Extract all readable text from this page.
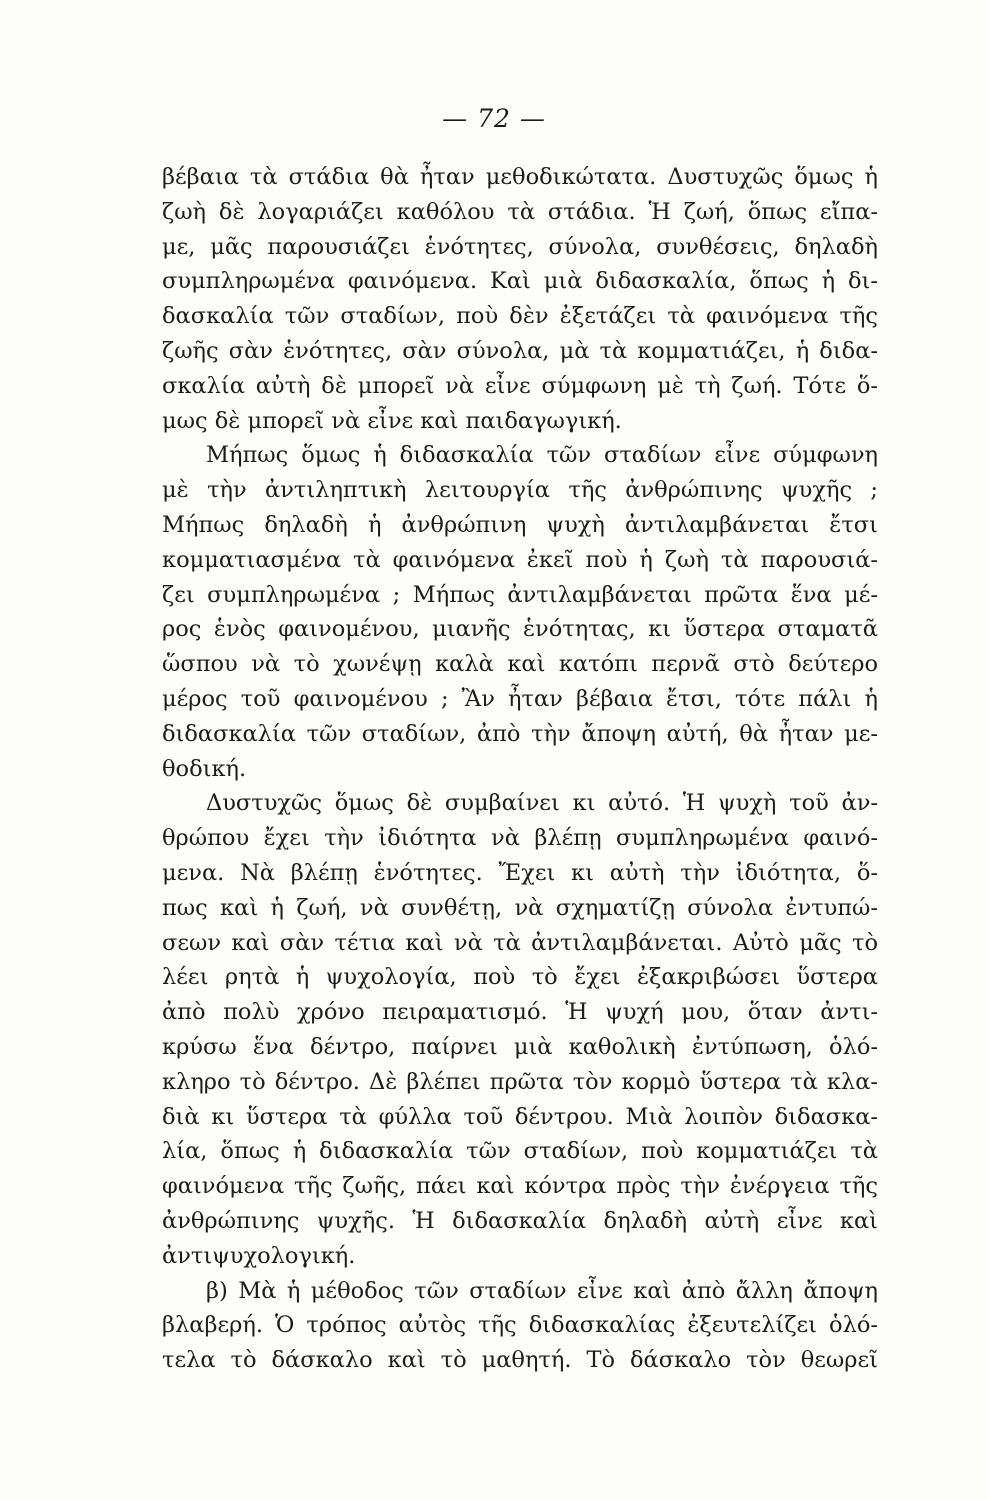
— 72 —
βέβαια τὰ στάδια θὰ ἦταν μεθοδικώτατα. Δυστυχῶς ὅμως ἡ
ζωὴ δὲ λογαριάζει καθόλου τὰ στάδια. Ἡ ζωή, ὅπως εἴπα-
με, μᾶς παρουσιάζει ἑνότητες, σύνολα, συνθέσεις, δηλαδὴ
συμπληρωμένα φαινόμενα. Καὶ μιὰ διδασκαλία, ὅπως ἡ δι-
δασκαλία τῶν σταδίων, ποὺ δὲν ἐξετάζει τὰ φαινόμενα τῆς
ζωῆς σὰν ἑνότητες, σὰν σύνολα, μὰ τὰ κομματιάζει, ἡ διδα-
σκαλία αὐτὴ δὲ μπορεῖ νὰ εἶνε σύμφωνη μὲ τὴ ζωή. Τότε ὅ-
μως δὲ μπορεῖ νὰ εἶνε καὶ παιδαγωγική.
Μήπως ὅμως ἡ διδασκαλία τῶν σταδίων εἶνε σύμφωνη
μὲ τὴν ἀντιληπτικὴ λειτουργία τῆς ἀνθρώπινης ψυχῆς ;
Μήπως δηλαδὴ ἡ ἀνθρώπινη ψυχὴ ἀντιλαμβάνεται ἔτσι
κομματιασμένα τὰ φαινόμενα ἐκεῖ ποὺ ἡ ζωὴ τὰ παρουσιά-
ζει συμπληρωμένα ; Μήπως ἀντιλαμβάνεται πρῶτα ἕνα μέ-
ρος ἑνὸς φαινομένου, μιανῆς ἑνότητας, κι ὕστερα σταματᾶ
ὥσπου νὰ τὸ χωνέψῃ καλὰ καὶ κατόπι περνᾶ στὸ δεύτερο
μέρος τοῦ φαινομένου ; Ἂν ἦταν βέβαια ἔτσι, τότε πάλι ἡ
διδασκαλία τῶν σταδίων, ἀπὸ τὴν ἄποψη αὐτή, θὰ ἦταν με-
θοδική.
Δυστυχῶς ὅμως δὲ συμβαίνει κι αὐτό. Ἡ ψυχὴ τοῦ ἀν-
θρώπου ἔχει τὴν ἰδιότητα νὰ βλέπῃ συμπληρωμένα φαινό-
μενα. Νὰ βλέπῃ ἑνότητες. Ἔχει κι αὐτὴ τὴν ἰδιότητα, ὅ-
πως καὶ ἡ ζωή, νὰ συνθέτῃ, νὰ σχηματίζῃ σύνολα ἐντυπώ-
σεων καὶ σὰν τέτια καὶ νὰ τὰ ἀντιλαμβάνεται. Αὐτὸ μᾶς τὸ
λέει ρητὰ ἡ ψυχολογία, ποὺ τὸ ἔχει ἐξακριβώσει ὕστερα
ἀπὸ πολὺ χρόνο πειραματισμό. Ἡ ψυχή μου, ὅταν ἀντι-
κρύσω ἕνα δέντρο, παίρνει μιὰ καθολικὴ ἐντύπωση, ὁλό-
κληρο τὸ δέντρο. Δὲ βλέπει πρῶτα τὸν κορμὸ ὕστερα τὰ κλα-
διὰ κι ὕστερα τὰ φύλλα τοῦ δέντρου. Μιὰ λοιπὸν διδασκα-
λία, ὅπως ἡ διδασκαλία τῶν σταδίων, ποὺ κομματιάζει τὰ
φαινόμενα τῆς ζωῆς, πάει καὶ κόντρα πρὸς τὴν ἐνέργεια τῆς
ἀνθρώπινης ψυχῆς. Ἡ διδασκαλία δηλαδὴ αὐτὴ εἶνε καὶ
ἀντιψυχολογική.
β) Μὰ ἡ μέθοδος τῶν σταδίων εἶνε καὶ ἀπὸ ἄλλη ἄποψη
βλαβερή. Ὁ τρόπος αὐτὸς τῆς διδασκαλίας ἐξευτελίζει ὁλό-
τελα τὸ δάσκαλο καὶ τὸ μαθητή. Τὸ δάσκαλο τὸν θεωρεῖ
